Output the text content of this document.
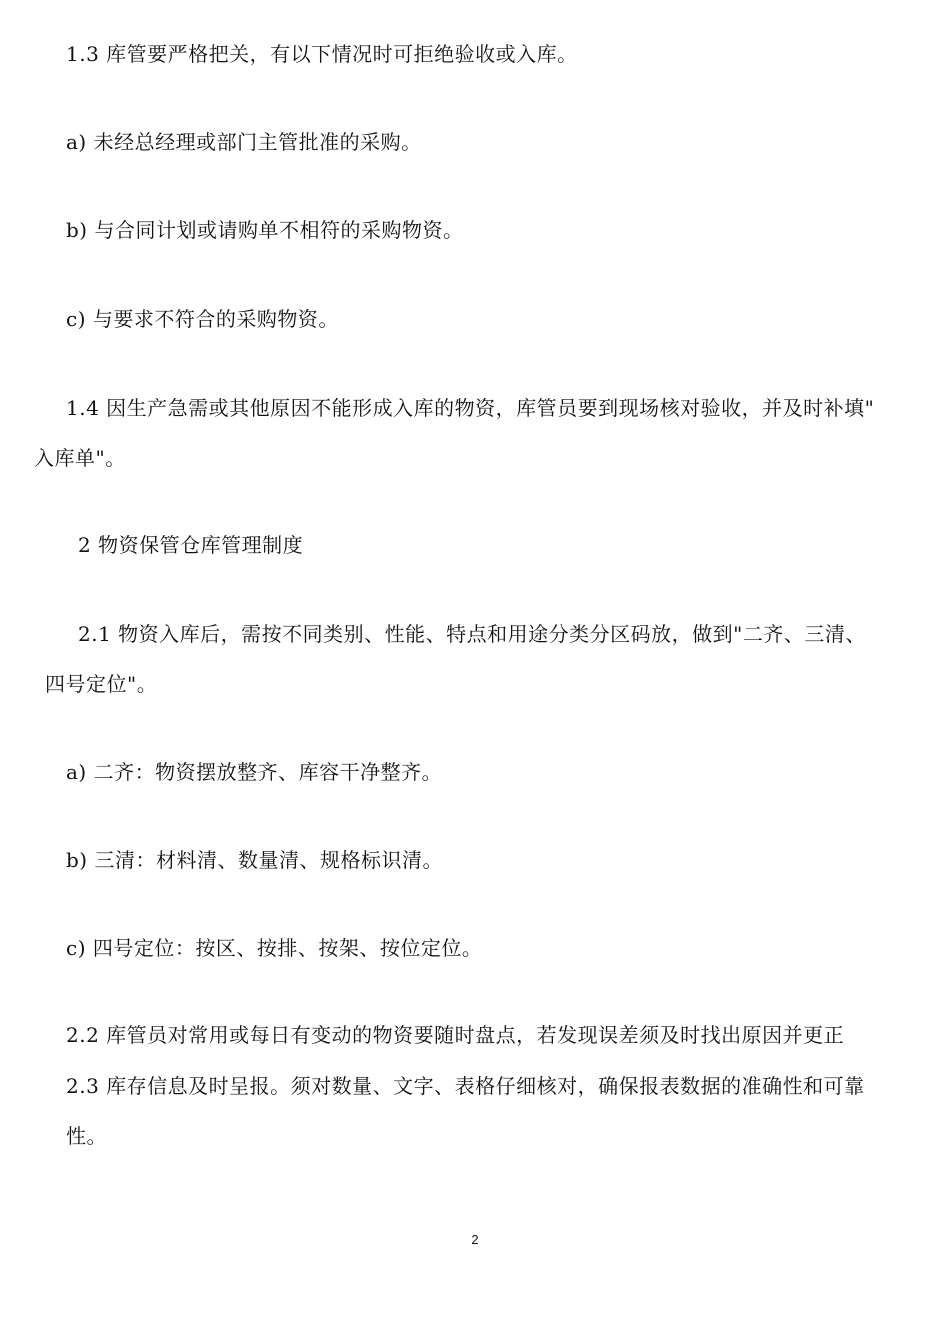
1.3 库管要严格把关，有以下情况时可拒绝验收或入库。
a) 未经总经理或部门主管批准的采购。
b) 与合同计划或请购单不相符的采购物资。
c) 与要求不符合的采购物资。
1.4 因生产急需或其他原因不能形成入库的物资，库管员要到现场核对验收，并及时补填"
入库单"。
2 物资保管仓库管理制度
2.1 物资入库后，需按不同类别、性能、特点和用途分类分区码放，做到"二齐、三清、
四号定位"。
a) 二齐：物资摆放整齐、库容干净整齐。
b) 三清：材料清、数量清、规格标识清。
c) 四号定位：按区、按排、按架、按位定位。
2.2 库管员对常用或每日有变动的物资要随时盘点，若发现误差须及时找出原因并更正
2.3 库存信息及时呈报。须对数量、文字、表格仔细核对，确保报表数据的准确性和可靠
性。
2
